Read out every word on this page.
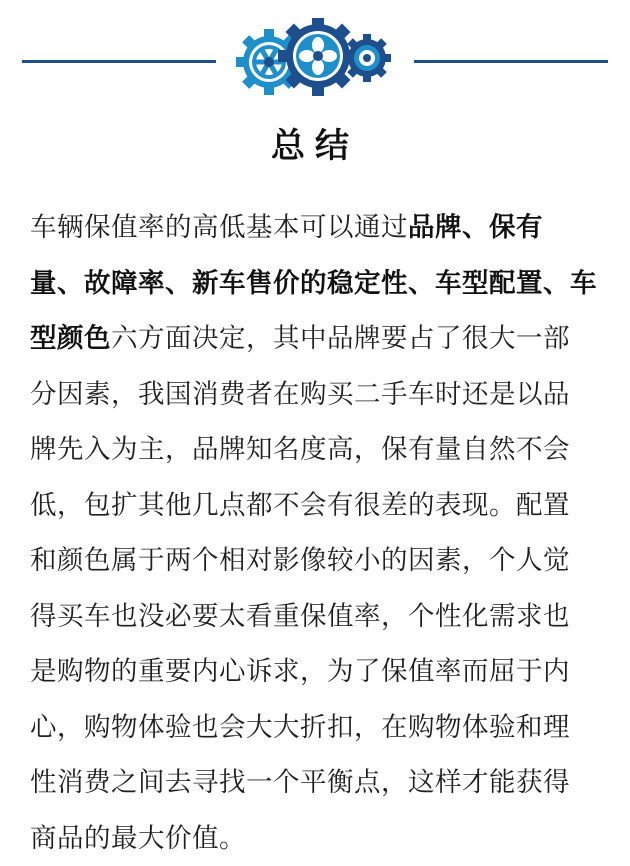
总结
车辆保值率的高低基本可以通过品牌、保有
量、故障率、新车售价的稳定性、车型配置、车
型颜色六方面决定，其中品牌要占了很大一部
分因素，我国消费者在购买二手车时还是以品
牌先入为主，品牌知名度高，保有量自然不会
低，包扩其他几点都不会有很差的表现。配置
和颜色属于两个相对影像较小的因素，个人觉
得买车也没必要太看重保值率，个性化需求也
是购物的重要内心诉求，为了保值率而屈于内
心，购物体验也会大大折扣，在购物体验和理
性消费之间去寻找一个平衡点，这样才能获得
商品的最大价值。
